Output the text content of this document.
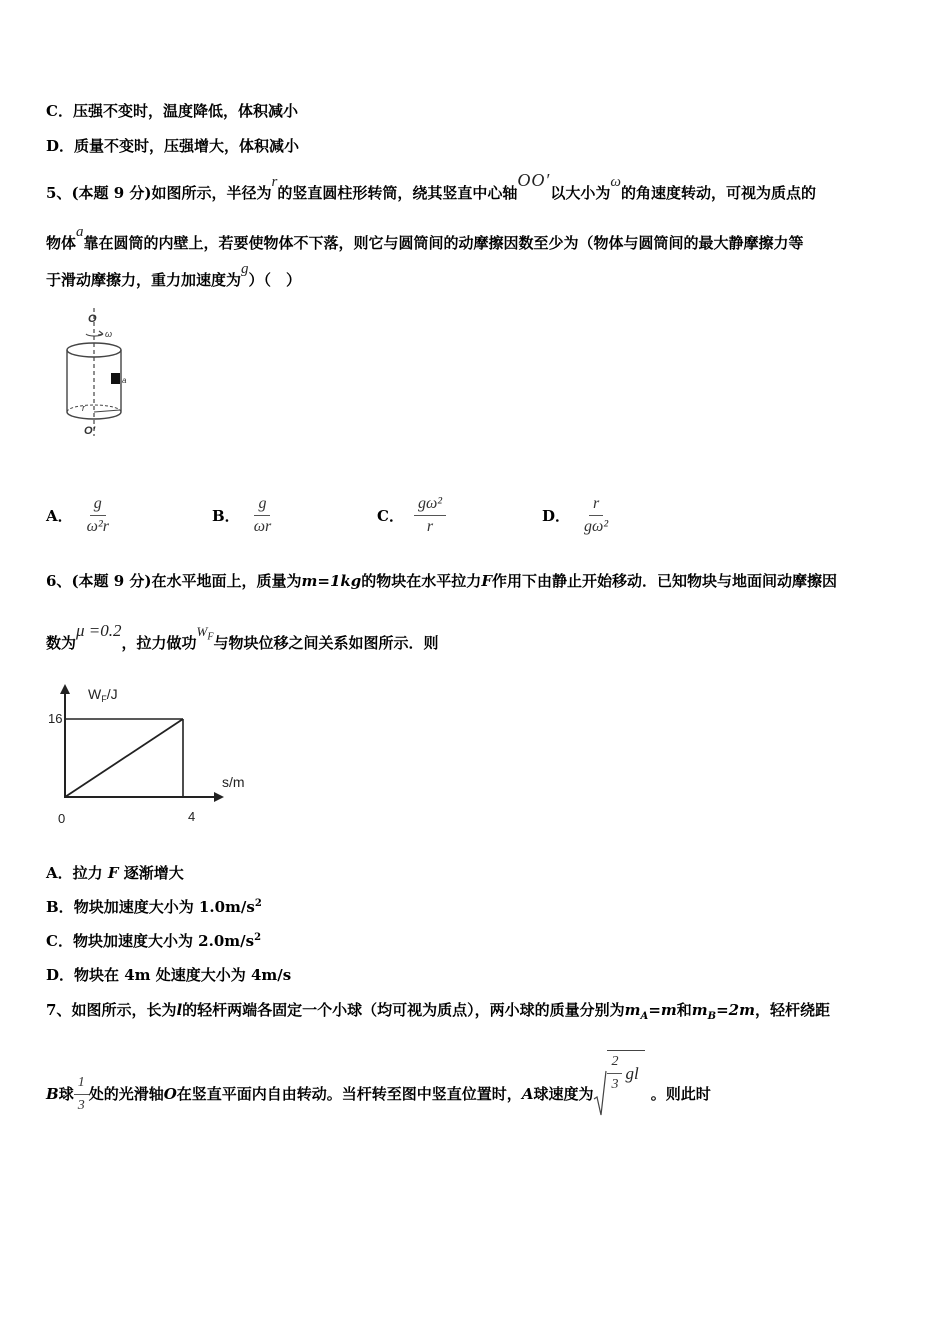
C．压强不变时，温度降低，体积减小
D．质量不变时，压强增大，体积减小
5、(本题 9 分)如图所示，半径为r的竖直圆柱形转筒，绕其竖直中心轴OO′以大小为ω的角速度转动，可视为质点的
物体a靠在圆筒的内壁上，若要使物体不下落，则它与圆筒间的动摩擦因数至少为（物体与圆筒间的最大静摩擦力等
于滑动摩擦力，重力加速度为g）（　）
O
ω
a
r
O′
A． $\frac{g}{\text{ω²r}}$	B． $\frac{g}{\omega r}$	C． $\frac{\text{gω²}}{r}$	D． $\frac{r}{\text{gω²}}$
6、(本题 9 分)在水平地面上，质量为m=1kg的物块在水平拉力F作用下由静止开始移动．已知物块与地面间动摩擦因
数为μ =0.2，拉力做功$W_F$与物块位移之间关系如图所示．则
$W_F/J$
s/m
16
4
0
A．拉力 F 逐渐增大
B．物块加速度大小为 $1.0m/s^2$
C．物块加速度大小为 $2.0m/s^2$
D．物块在 4m 处速度大小为 4m/s
7、如图所示，长为l的轻杆两端各固定一个小球（均可视为质点），两小球的质量分别为$m_A=m$和$m_B=2m$，轻杆绕距
B 球 $\frac{1}{3}$ 处的光滑轴 O 在竖直平面内自由转动。当杆转至图中竖直位置时， A 球速度为 $\frac{2}{3}$ gl
。则此时
